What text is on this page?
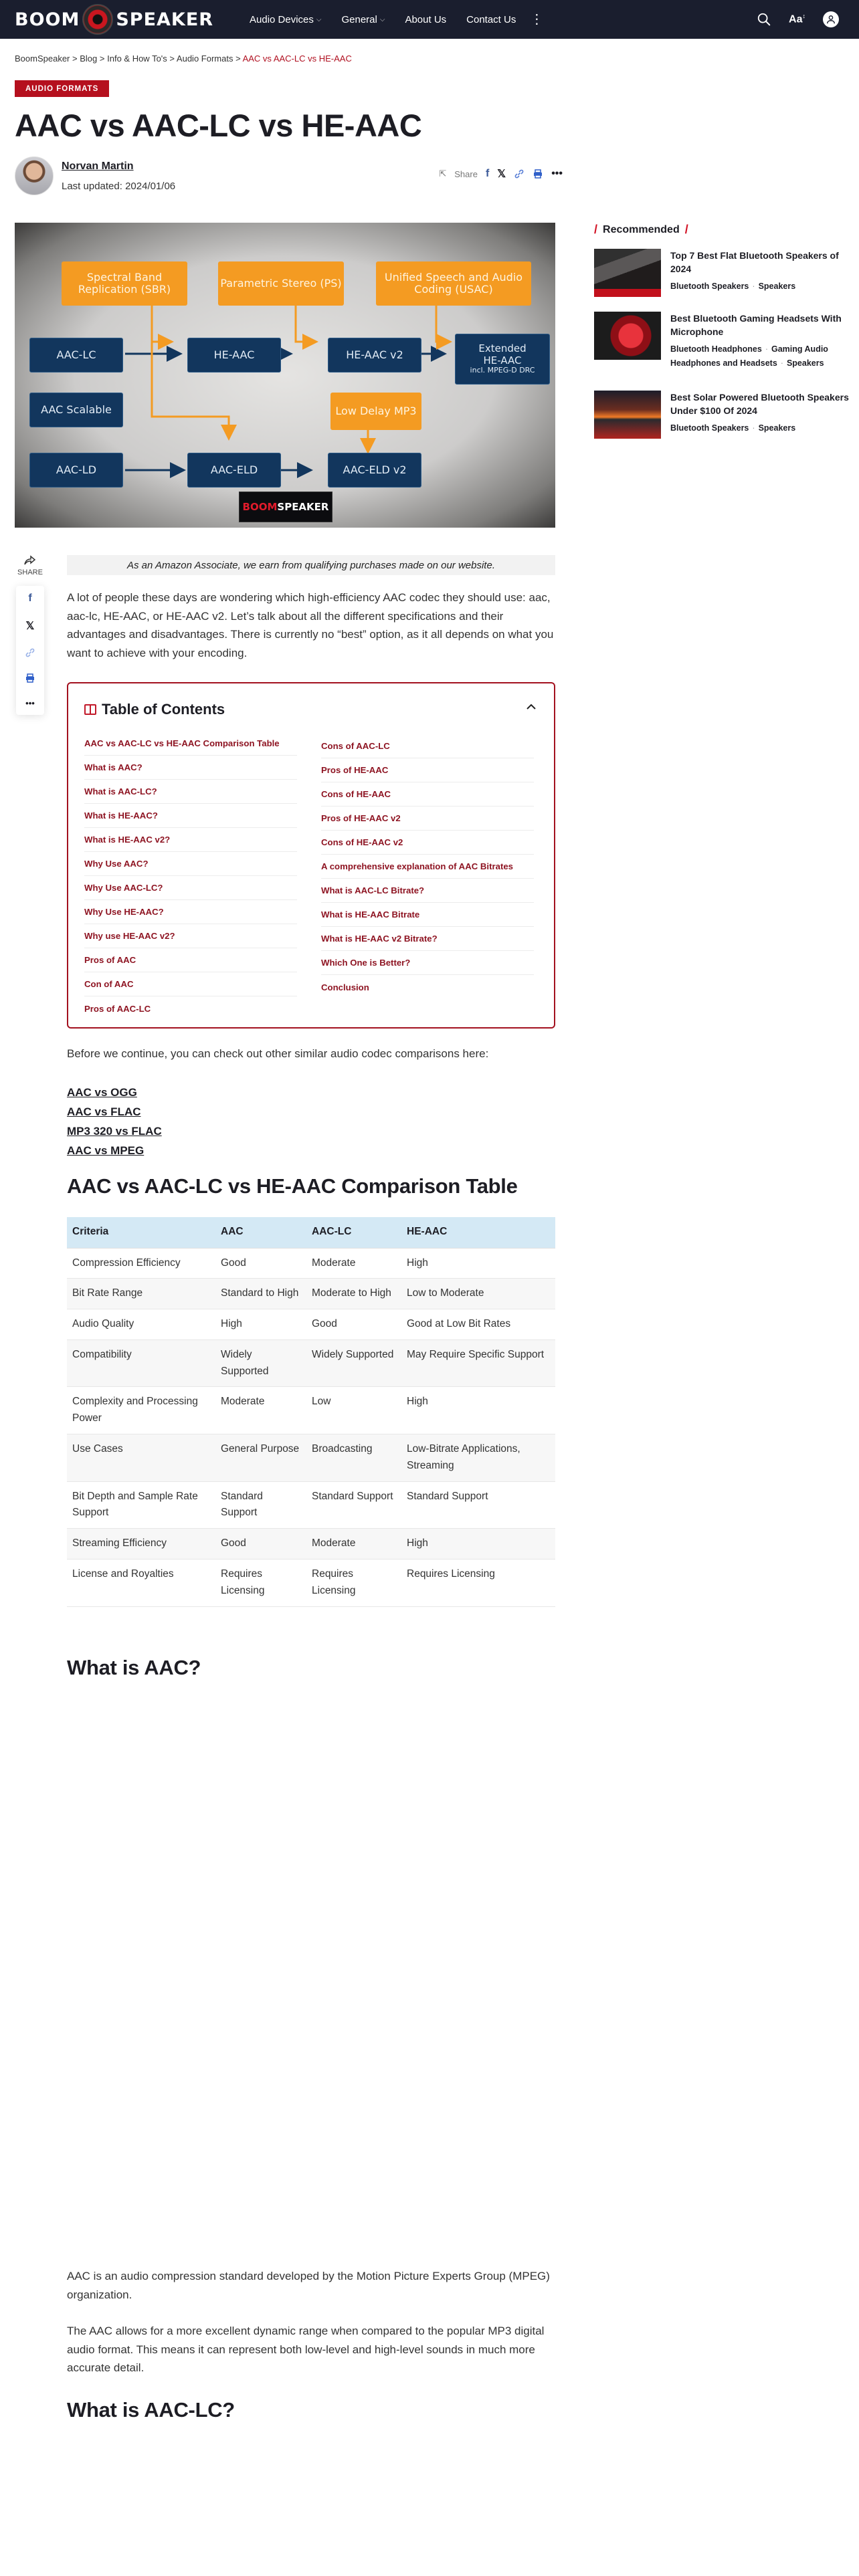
BOOM SPEAKER	Audio Devices ⌵ General ⌵ About Us Contact Us	⋮	Aa↕
BoomSpeaker > Blog > Info & How To's > Audio Formats > AAC vs AAC-LC vs HE-AAC
AUDIO FORMATS
AAC vs AAC-LC vs HE-AAC
Norvan Martin
Last updated: 2024/01/06
⇱ Share f 𝕏	•••
Spectral Band Replication (SBR)	Parametric Stereo (PS)	Unified Speech and Audio Coding (USAC)
AAC-LC	HE-AAC	HE-AAC v2	Extended
HE-AAC
incl. MPEG-D DRC
AAC Scalable	Low Delay MP3
AAC-LD	AAC-ELD	AAC-ELD v2
BOOM SPEAKER
/ Recommended /
Top 7 Best Flat Bluetooth Speakers of 2024
Bluetooth Speakers · Speakers
Best Bluetooth Gaming Headsets With Microphone
Bluetooth Headphones · Gaming Audio
Headphones and Headsets · Speakers
Best Solar Powered Bluetooth Speakers Under $100 Of 2024
Bluetooth Speakers · Speakers
SHARE
f
𝕏
•••
As an Amazon Associate, we earn from qualifying purchases made on our website.

A lot of people these days are wondering which high-efficiency AAC codec they should use: aac, aac-lc, HE-AAC, or HE-AAC v2. Let’s talk about all the different specifications and their advantages and disadvantages. There is currently no “best” option, as it all depends on what you want to achieve with your encoding.

Table of Contents
AAC vs AAC-LC vs HE-AAC Comparison Table
What is AAC?
What is AAC-LC?
What is HE-AAC?
What is HE-AAC v2?
Why Use AAC?
Why Use AAC-LC?
Why Use HE-AAC?
Why use HE-AAC v2?
Pros of AAC
Con of AAC
Pros of AAC-LC
Cons of AAC-LC
Pros of HE-AAC
Cons of HE-AAC
Pros of HE-AAC v2
Cons of HE-AAC v2
A comprehensive explanation of AAC Bitrates
What is AAC-LC Bitrate?
What is HE-AAC Bitrate
What is HE-AAC v2 Bitrate?
Which One is Better?
Conclusion

Before we continue, you can check out other similar audio codec comparisons here:

AAC vs OGG
AAC vs FLAC
MP3 320 vs FLAC
AAC vs MPEG
AAC vs AAC-LC vs HE-AAC Comparison Table
Criteria	AAC	AAC-LC	HE-AAC
Compression Efficiency	Good	Moderate	High
Bit Rate Range	Standard to High	Moderate to High	Low to Moderate
Audio Quality	High	Good	Good at Low Bit Rates
Compatibility	Widely Supported	Widely Supported	May Require Specific Support
Complexity and Processing Power	Moderate	Low	High
Use Cases	General Purpose	Broadcasting	Low-Bitrate Applications, Streaming
Bit Depth and Sample Rate Support	Standard Support	Standard Support	Standard Support
Streaming Efficiency	Good	Moderate	High
License and Royalties	Requires Licensing	Requires Licensing	Requires Licensing
What is AAC?

AAC is an audio compression standard developed by the Motion Picture Experts Group (MPEG) organization.

The AAC allows for a more excellent dynamic range when compared to the popular MP3 digital audio format. This means it can represent both low-level and high-level sounds in much more accurate detail.

What is AAC-LC?
